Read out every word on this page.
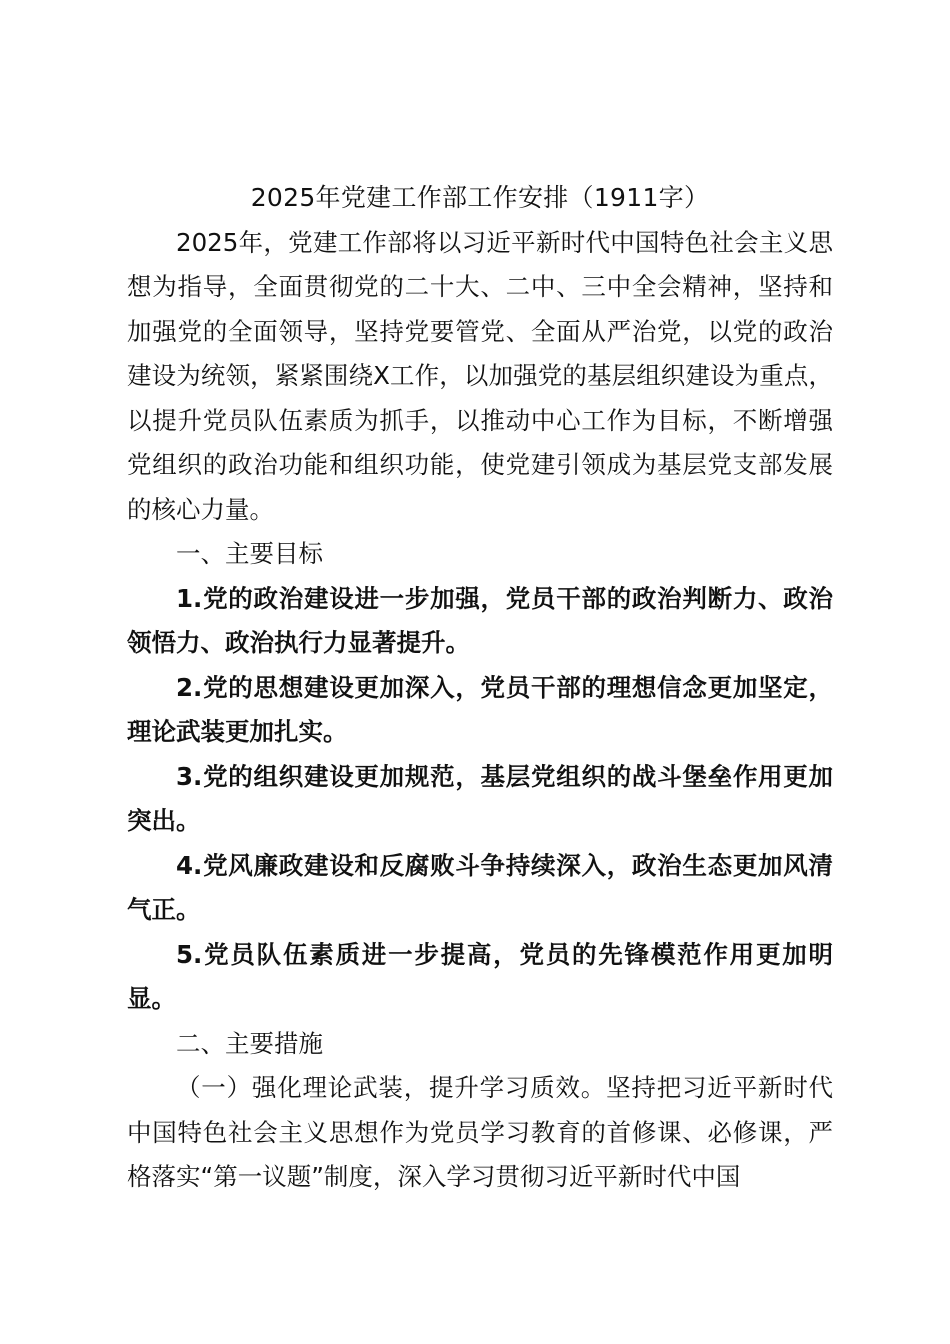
2025年党建工作部工作安排（1911字）

2025年，党建工作部将以习近平新时代中国特色社会主义思想为指导，全面贯彻党的二十大、二中、三中全会精神，坚持和加强党的全面领导，坚持党要管党、全面从严治党，以党的政治建设为统领，紧紧围绕X工作，以加强党的基层组织建设为重点，以提升党员队伍素质为抓手，以推动中心工作为目标，不断增强党组织的政治功能和组织功能，使党建引领成为基层党支部发展的核心力量。

一、主要目标

1.党的政治建设进一步加强，党员干部的政治判断力、政治领悟力、政治执行力显著提升。

2.党的思想建设更加深入，党员干部的理想信念更加坚定，理论武装更加扎实。

3.党的组织建设更加规范，基层党组织的战斗堡垒作用更加突出。

4.党风廉政建设和反腐败斗争持续深入，政治生态更加风清气正。

5.党员队伍素质进一步提高，党员的先锋模范作用更加明显。

二、主要措施

（一）强化理论武装，提升学习质效。坚持把习近平新时代中国特色社会主义思想作为党员学习教育的首修课、必修课，严格落实“第一议题”制度，深入学习贯彻习近平新时代中国
